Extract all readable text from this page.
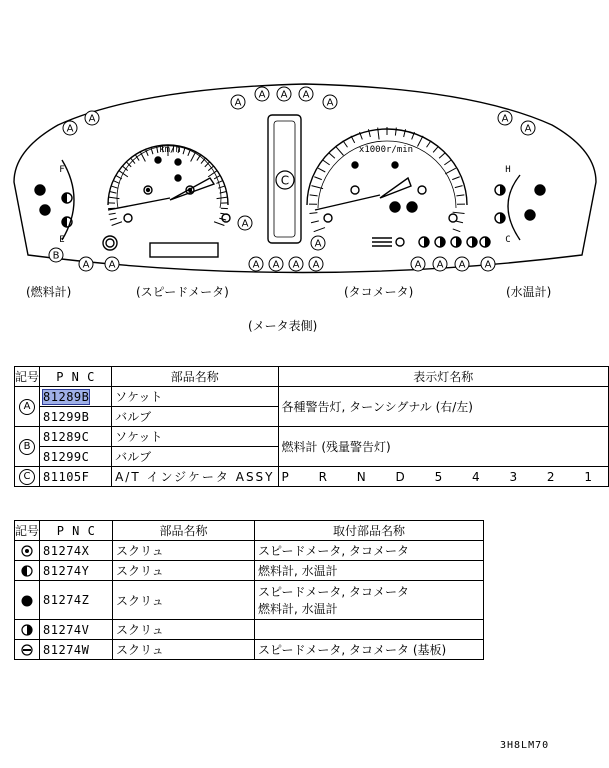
A
A
A
A A A
A
A
A
A A	A A A A
A
A
A A A A
B
C
km/h	x1000r/min
F
E
H
C
(燃料計)	(スピードメータ)	(タコメータ)	(水温計)
(メータ表側)
記号	P N C	部品名称	表示灯名称
A	81289B	ソケット	各種警告灯, ターンシグナル (右/左)
	81299B	バルブ	
B	81289C	ソケット	燃料計 (残量警告灯)
	81299C	バルブ	
C	81105F	A/T インジケータ ASSY	P R N D 5 4 3 2 1
記号	P N C	部品名称	取付部品名称
	81274X	スクリュ	スピードメータ, タコメータ
	81274Y	スクリュ	燃料計, 水温計
	81274Z	スクリュ	スピードメータ, タコメータ
燃料計, 水温計

	81274V	スクリュ	
	81274W	スクリュ	スピードメータ, タコメータ (基板)
3H8LM70
